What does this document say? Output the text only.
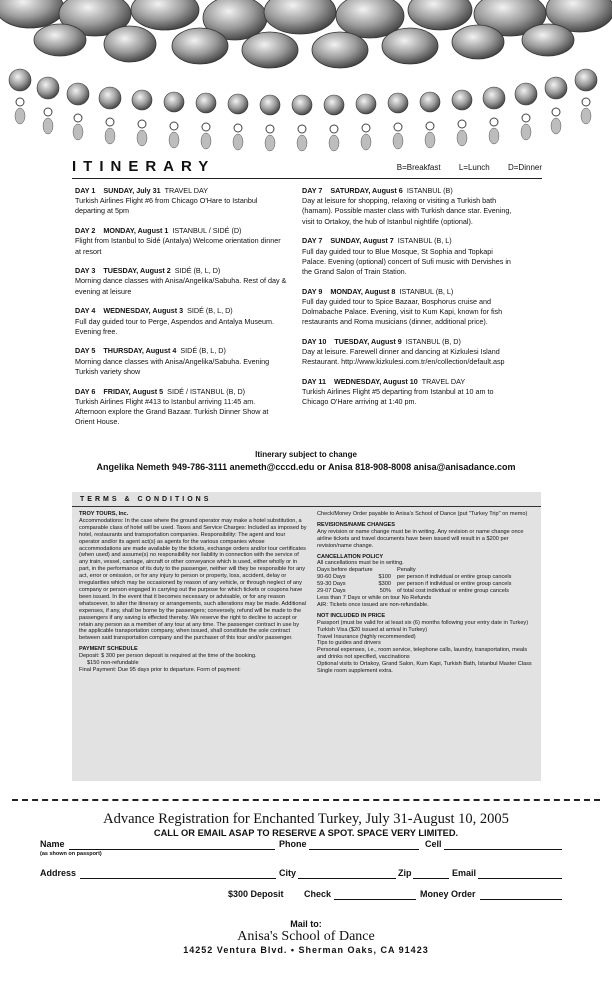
ITINERARY	B=Breakfast L=Lunch D=Dinner
DAY 1 SUNDAY, July 31 TRAVEL DAY
Turkish Airlines Flight #6 from Chicago O'Hare to Istanbul departing at 5pm
DAY 2 MONDAY, August 1 ISTANBUL / SIDÉ (D)
Flight from Istanbul to Sidé (Antalya) Welcome orientation dinner at resort
DAY 3 TUESDAY, August 2 SIDÉ (B, L, D)
Morning dance classes with Anisa/Angelika/Sabuha. Rest of day & evening at leisure
DAY 4 WEDNESDAY, August 3 SIDÉ (B, L, D)
Full day guided tour to Perge, Aspendos and Antalya Museum. Evening free.
DAY 5 THURSDAY, August 4 SIDÉ (B, L, D)
Morning dance classes with Anisa/Angelika/Sabuha. Evening Turkish variety show
DAY 6 FRIDAY, August 5 SIDÉ / ISTANBUL (B, D)
Turkish Airlines Flight #413 to Istanbul arriving 11:45 am. Afternoon explore the Grand Bazaar. Turkish Dinner Show at Orient House.
DAY 7 SATURDAY, August 6 ISTANBUL (B)
Day at leisure for shopping, relaxing or visiting a Turkish bath (hamam). Possible master class with Turkish dance star. Evening, visit to Ortakoy, the hub of Istanbul nightlife (optional).
DAY 7 SUNDAY, August 7 ISTANBUL (B, L)
Full day guided tour to Blue Mosque, St Sophia and Topkapi Palace. Evening (optional) concert of Sufi music with Dervishes in the Grand Salon of Train Station.
DAY 9 MONDAY, August 8 ISTANBUL (B, L)
Full day guided tour to Spice Bazaar, Bosphorus cruise and Dolmabache Palace. Evening, visit to Kum Kapi, known for fish restaurants and Roma musicians (dinner, additional price).
DAY 10 TUESDAY, August 9 ISTANBUL (B, D)
Day at leisure. Farewell dinner and dancing at Kizkulesi Island Restaurant. http://www.kizkulesi.com.tr/en/collection/default.asp
DAY 11 WEDNESDAY, August 10 TRAVEL DAY
Turkish Airlines Flight #5 departing from Istanbul at 10 am to Chicago O'Hare arriving at 1:40 pm.
Itinerary subject to change
Angelika Nemeth 949-786-3111 anemeth@cccd.edu or Anisa 818-908-8008 anisa@anisadance.com
TERMS & CONDITIONS
TROY TOURS, Inc.
Accommodations: In the case where the ground operator may make a hotel substitution, a comparable class of hotel will be used. Taxes and Service Charges: Included as imposed by hotel, restaurants and transportation companies. Responsibility: The agent and tour operator and/or its agent act(s) as agents for the various companies whose accommodations are made available by the tickets, exchange orders and/or tour certificates (when used) and assume(s) no responsibility nor liability in connection with the service of any train, vessel, carriage, aircraft or other conveyance which is used, either wholly or in part, in the performance of its duty to the passenger, neither will they be responsible for any act, error or omission, or for any injury to person or property, loss, accident, delay or irregularities which may be occasioned by reason of any vehicle, or through neglect of any company or person engaged in carrying out the purpose for which tickets or coupons have been issued. In the event that it becomes necessary or advisable, or for any reason whatsoever, to alter the itinerary or arrangements, such alterations may be made. Additional expenses, if any, shall be borne by the passengers; conversely, refund will be made to the passengers if any saving is effected thereby. We reserve the right to decline to accept or retain any person as a member of any tour at any time. The passenger contract in use by the applicable transportation company, when issued, shall constitute the sole contract between said transportation company and the purchaser of this tour and/or passenger.
PAYMENT SCHEDULE
Deposit: $ 300 per person deposit is required at the time of the booking.
$150 non-refundable
Final Payment: Due 95 days prior to departure. Form of payment:
Check/Money Order payable to Anisa's School of Dance (put "Turkey Trip" on memo)
REVISIONS/NAME CHANGES
Any revision or name change must be in writing. Any revision or name change once airline tickets and travel documents have been issued will result in a $200 per revision/name change.
CANCELLATION POLICY
All cancellations must be in writing.
Days before departure	Penalty
90-60 Days	$100 per person if individual or entire group cancels
59-30 Days	$300 per person if individual or entire group cancels
29-07 Days	50% of total cost individual or entire group cancels
Less than 7 Days or while on tour No Refunds
AIR: Tickets once issued are non-refundable.
NOT INCLUDED IN PRICE
Passport (must be valid for at least six (6) months following your entry date in Turkey)
Turkish Visa ($20 issued at arrival in Turkey)
Travel Insurance (highly recommended)
Tips to guides and drivers
Personal expenses, i.e., room service, telephone calls, laundry, transportation, meals and drinks not specified, vaccinations
Optional visits to Ortakoy, Grand Salon, Kum Kapi, Turkish Bath, Istanbul Master Class
Single room supplement extra.
Advance Registration for Enchanted Turkey, July 31-August 10, 2005
CALL OR EMAIL ASAP TO RESERVE A SPOT. SPACE VERY LIMITED.
Name
(as shown on passport)
Phone	Cell
Address	City	Zip	Email
$300 Deposit Check	Money Order
Mail to:
Anisa's School of Dance
14252 Ventura Blvd. • Sherman Oaks, CA 91423
